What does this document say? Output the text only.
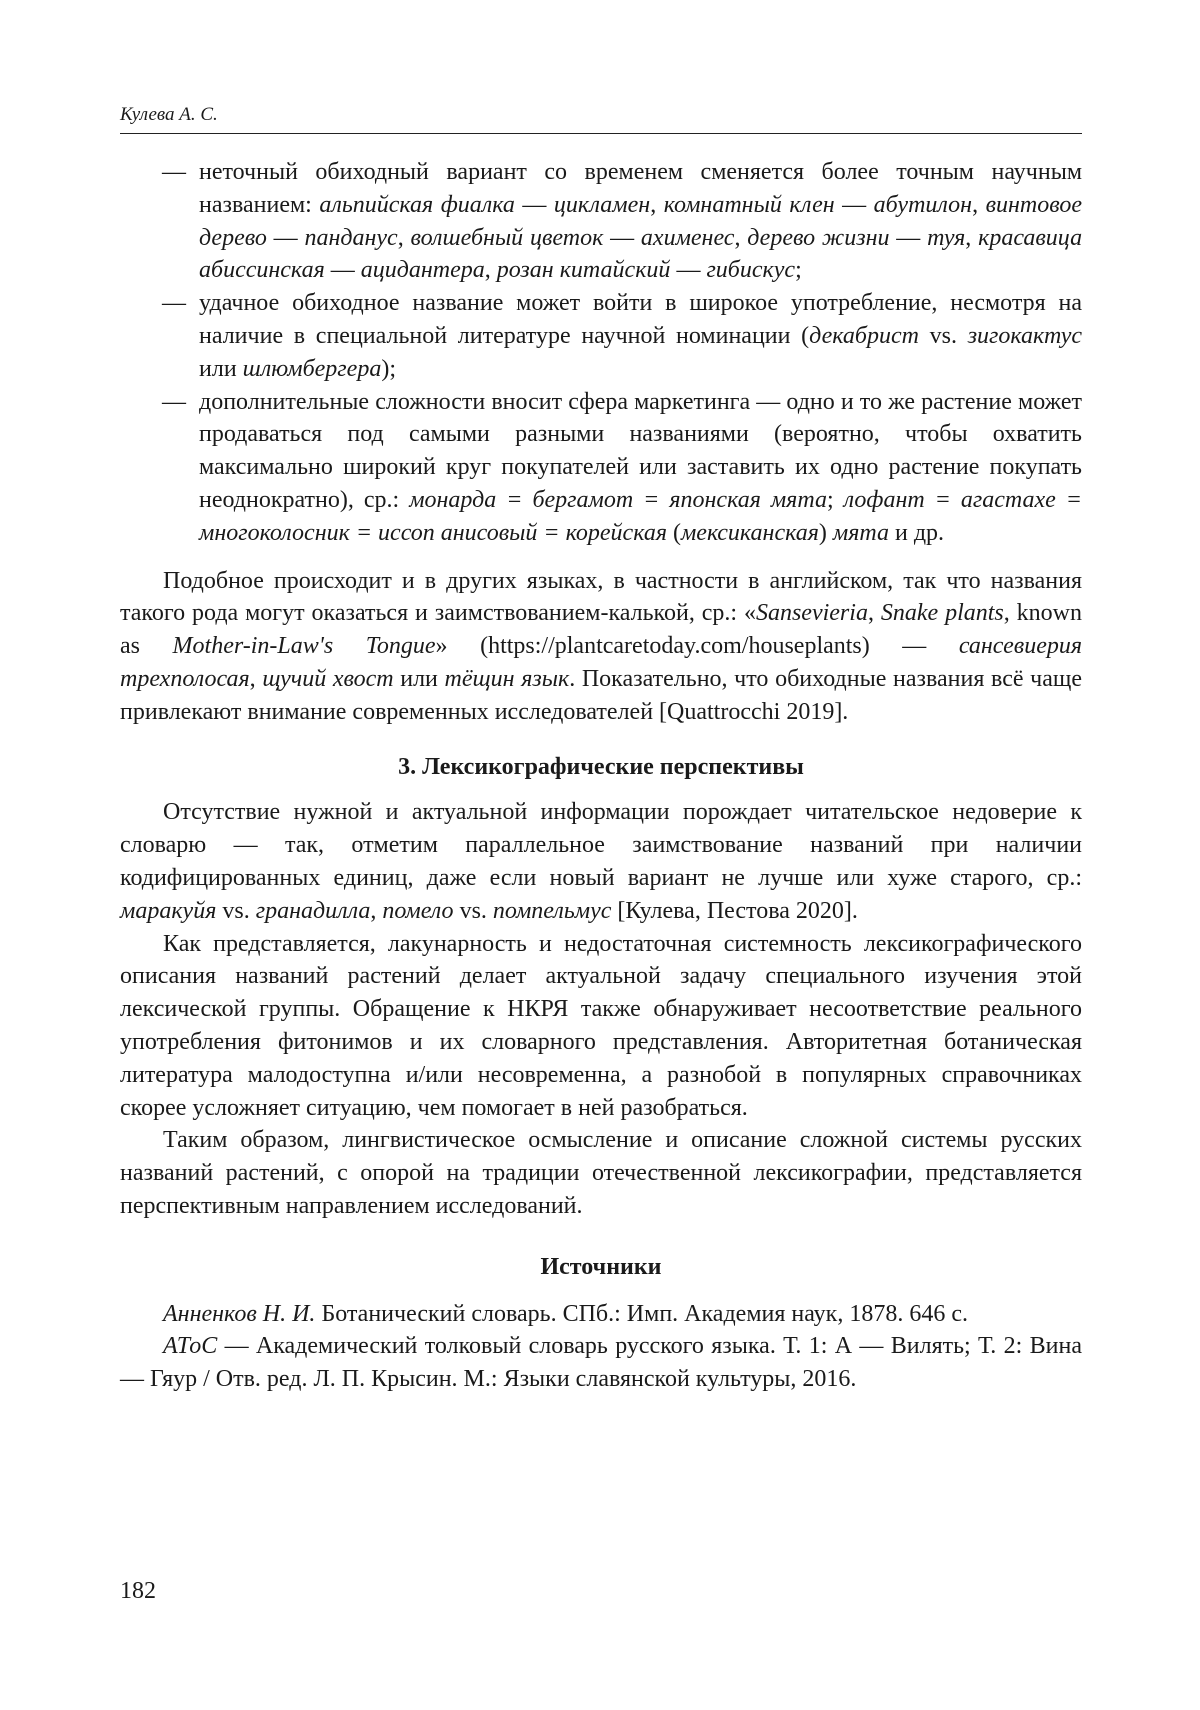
Кулева А. С.

— неточный обиходный вариант со временем сменяется более точным научным названием: альпийская фиалка — цикламен, комнатный клен — абутилон, винтовое дерево — панданус, волшебный цветок — ахименес, дерево жизни — туя, красавица абиссинская — ацидантера, розан китайский — гибискус;

— удачное обиходное название может войти в широкое употребление, несмотря на наличие в специальной литературе научной номинации (декабрист vs. зигокактус или шлюмбергера);

— дополнительные сложности вносит сфера маркетинга — одно и то же растение может продаваться под самыми разными названиями (вероятно, чтобы охватить максимально широкий круг покупателей или заставить их одно растение покупать неоднократно), ср.: монарда = бергамот = японская мята; лофант = агастахе = многоколосник = иссоп анисовый = корейская (мексиканская) мята и др.

Подобное происходит и в других языках, в частности в английском, так что названия такого рода могут оказаться и заимствованием-калькой, ср.: «Sansevieria, Snake plants, known as Mother-in-Law's Tongue» (https://plantcaretoday.com/houseplants) — сансевиерия трехполосая, щучий хвост или тёщин язык. Показательно, что обиходные названия всё чаще привлекают внимание современных исследователей [Quattrocchi 2019].

3. Лексикографические перспективы

Отсутствие нужной и актуальной информации порождает читательское недоверие к словарю — так, отметим параллельное заимствование названий при наличии кодифицированных единиц, даже если новый вариант не лучше или хуже старого, ср.: маракуйя vs. гранадилла, помело vs. помпельмус [Кулева, Пестова 2020].

Как представляется, лакунарность и недостаточная системность лексикографического описания названий растений делает актуальной задачу специального изучения этой лексической группы. Обращение к НКРЯ также обнаруживает несоответствие реального употребления фитонимов и их словарного представления. Авторитетная ботаническая литература малодоступна и/или несовременна, а разнобой в популярных справочниках скорее усложняет ситуацию, чем помогает в ней разобраться.

Таким образом, лингвистическое осмысление и описание сложной системы русских названий растений, с опорой на традиции отечественной лексикографии, представляется перспективным направлением исследований.

Источники

Анненков Н. И. Ботанический словарь. СПб.: Имп. Академия наук, 1878. 646 с.

АТоС — Академический толковый словарь русского языка. Т. 1: А — Вилять; Т. 2: Вина — Гяур / Отв. ред. Л. П. Крысин. М.: Языки славянской культуры, 2016.

182
